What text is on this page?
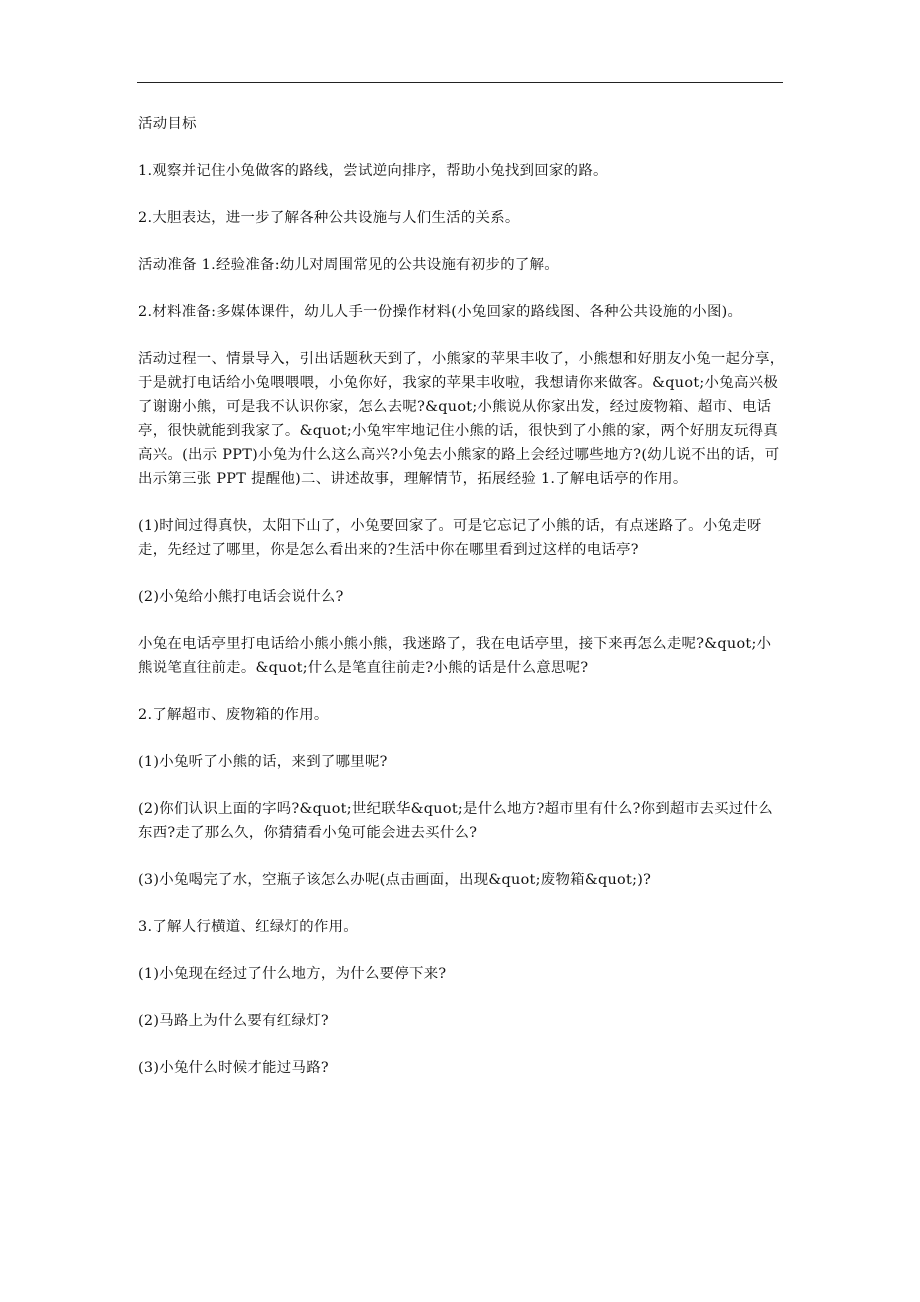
活动目标

1.观察并记住小兔做客的路线，尝试逆向排序，帮助小兔找到回家的路。

2.大胆表达，进一步了解各种公共设施与人们生活的关系。

活动准备 1.经验准备:幼儿对周围常见的公共设施有初步的了解。

2.材料准备:多媒体课件，幼儿人手一份操作材料(小兔回家的路线图、各种公共设施的小图)。

活动过程一、情景导入，引出话题秋天到了，小熊家的苹果丰收了，小熊想和好朋友小兔一起分享，于是就打电话给小兔喂喂喂，小兔你好，我家的苹果丰收啦，我想请你来做客。&quot;小兔高兴极了谢谢小熊，可是我不认识你家，怎么去呢?&quot;小熊说从你家出发，经过废物箱、超市、电话亭，很快就能到我家了。&quot;小兔牢牢地记住小熊的话，很快到了小熊的家，两个好朋友玩得真高兴。(出示 PPT)小兔为什么这么高兴?小兔去小熊家的路上会经过哪些地方?(幼儿说不出的话，可出示第三张 PPT 提醒他)二、讲述故事，理解情节，拓展经验 1.了解电话亭的作用。

(1)时间过得真快，太阳下山了，小兔要回家了。可是它忘记了小熊的话，有点迷路了。小兔走呀走，先经过了哪里，你是怎么看出来的?生活中你在哪里看到过这样的电话亭?

(2)小兔给小熊打电话会说什么?

小兔在电话亭里打电话给小熊小熊小熊，我迷路了，我在电话亭里，接下来再怎么走呢?&quot;小熊说笔直往前走。&quot;什么是笔直往前走?小熊的话是什么意思呢?

2.了解超市、废物箱的作用。

(1)小兔听了小熊的话，来到了哪里呢?

(2)你们认识上面的字吗?&quot;世纪联华&quot;是什么地方?超市里有什么?你到超市去买过什么东西?走了那么久，你猜猜看小兔可能会进去买什么?

(3)小兔喝完了水，空瓶子该怎么办呢(点击画面，出现&quot;废物箱&quot;)?

3.了解人行横道、红绿灯的作用。

(1)小兔现在经过了什么地方，为什么要停下来?

(2)马路上为什么要有红绿灯?

(3)小兔什么时候才能过马路?
